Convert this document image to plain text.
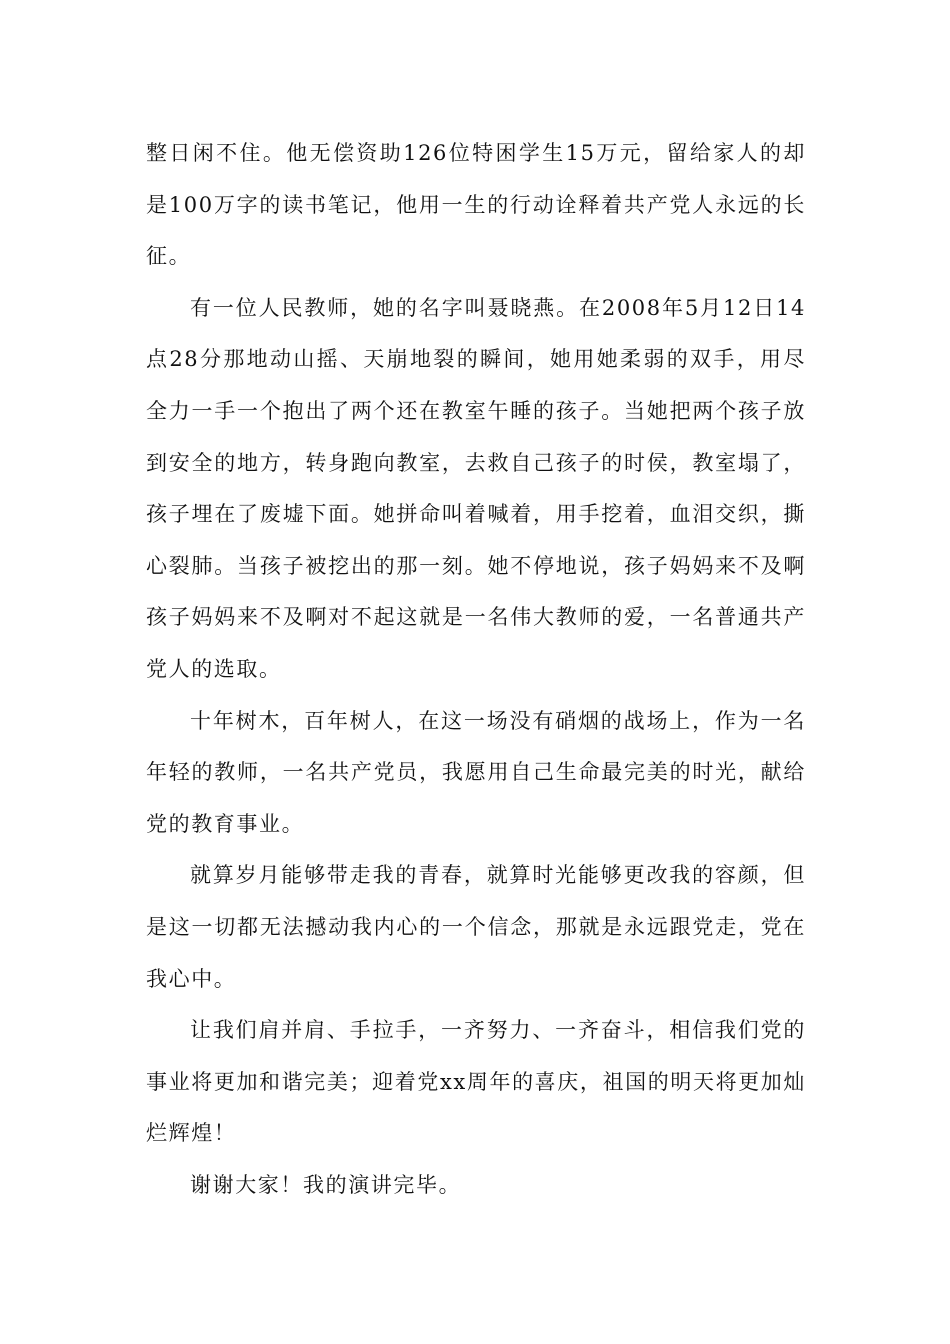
整日闲不住。他无偿资助126位特困学生15万元，留给家人的却是100万字的读书笔记，他用一生的行动诠释着共产党人永远的长征。

有一位人民教师，她的名字叫聂晓燕。在2008年5月12日14点28分那地动山摇、天崩地裂的瞬间，她用她柔弱的双手，用尽全力一手一个抱出了两个还在教室午睡的孩子。当她把两个孩子放到安全的地方，转身跑向教室，去救自己孩子的时侯，教室塌了，孩子埋在了废墟下面。她拼命叫着喊着，用手挖着，血泪交织，撕心裂肺。当孩子被挖出的那一刻。她不停地说，孩子妈妈来不及啊孩子妈妈来不及啊对不起这就是一名伟大教师的爱，一名普通共产党人的选取。

十年树木，百年树人，在这一场没有硝烟的战场上，作为一名年轻的教师，一名共产党员，我愿用自己生命最完美的时光，献给党的教育事业。

就算岁月能够带走我的青春，就算时光能够更改我的容颜，但是这一切都无法撼动我内心的一个信念，那就是永远跟党走，党在我心中。

让我们肩并肩、手拉手，一齐努力、一齐奋斗，相信我们党的事业将更加和谐完美；迎着党xx周年的喜庆，祖国的明天将更加灿烂辉煌！

谢谢大家！我的演讲完毕。
